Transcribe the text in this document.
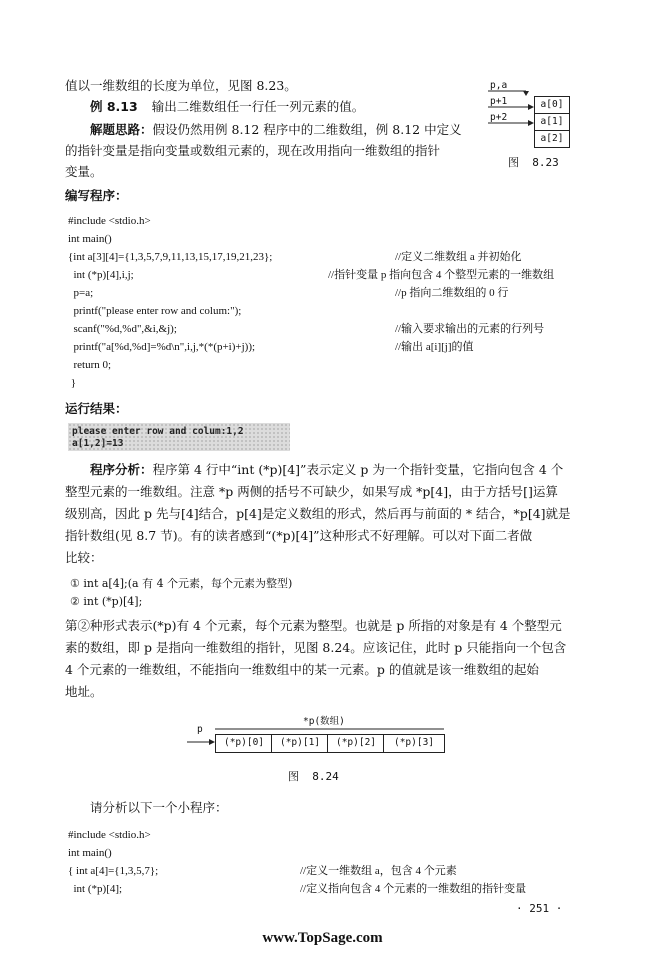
值以一维数组的长度为单位，见图 8.23。
例 8.13 输出二维数组任一行任一列元素的值。
解题思路：假设仍然用例 8.12 程序中的二维数组，例 8.12 中定义
的指针变量是指向变量或数组元素的，现在改用指向一维数组的指针
变量。
p,a
p+1
p+2
a[0]
a[1]
a[2]
图  8.23
编写程序：
#include <stdio.h>
int main()
{int a[3][4]={1,3,5,7,9,11,13,15,17,19,21,23};	//定义二维数组 a 并初始化
int (*p)[4],i,j;	//指针变量 p 指向包含 4 个整型元素的一维数组
p=a;	//p 指向二维数组的 0 行
printf("please enter row and colum:");
scanf("%d,%d",&i,&j);	//输入要求输出的元素的行列号
printf("a[%d,%d]=%d\n",i,j,*(*(p+i)+j));	//输出 a[i][j]的值
return 0;
}
运行结果：
please enter row and colum:1,2
a[1,2]=13
程序分析：程序第 4 行中“int (*p)[4]”表示定义 p 为一个指针变量，它指向包含 4 个
整型元素的一维数组。注意 *p 两侧的括号不可缺少，如果写成 *p[4]，由于方括号[]运算
级别高，因此 p 先与[4]结合，p[4]是定义数组的形式，然后再与前面的 * 结合，*p[4]就是
指针数组(见 8.7 节)。有的读者感到“(*p)[4]”这种形式不好理解。可以对下面二者做
比较：
① int a[4];(a 有 4 个元素，每个元素为整型)
② int (*p)[4];
第②种形式表示(*p)有 4 个元素，每个元素为整型。也就是 p 所指的对象是有 4 个整型元
素的数组，即 p 是指向一维数组的指针，见图 8.24。应该记住，此时 p 只能指向一个包含
4 个元素的一维数组，不能指向一维数组中的某一元素。p 的值就是该一维数组的起始
地址。
*p(数组)
p
(*p)[0]	(*p)[1]	(*p)[2]	(*p)[3]
图  8.24
请分析以下一个小程序：
#include <stdio.h>
int main()
{ int a[4]={1,3,5,7};	//定义一维数组 a，包含 4 个元素
int (*p)[4];	//定义指向包含 4 个元素的一维数组的指针变量
· 251 ·
www.TopSage.com
